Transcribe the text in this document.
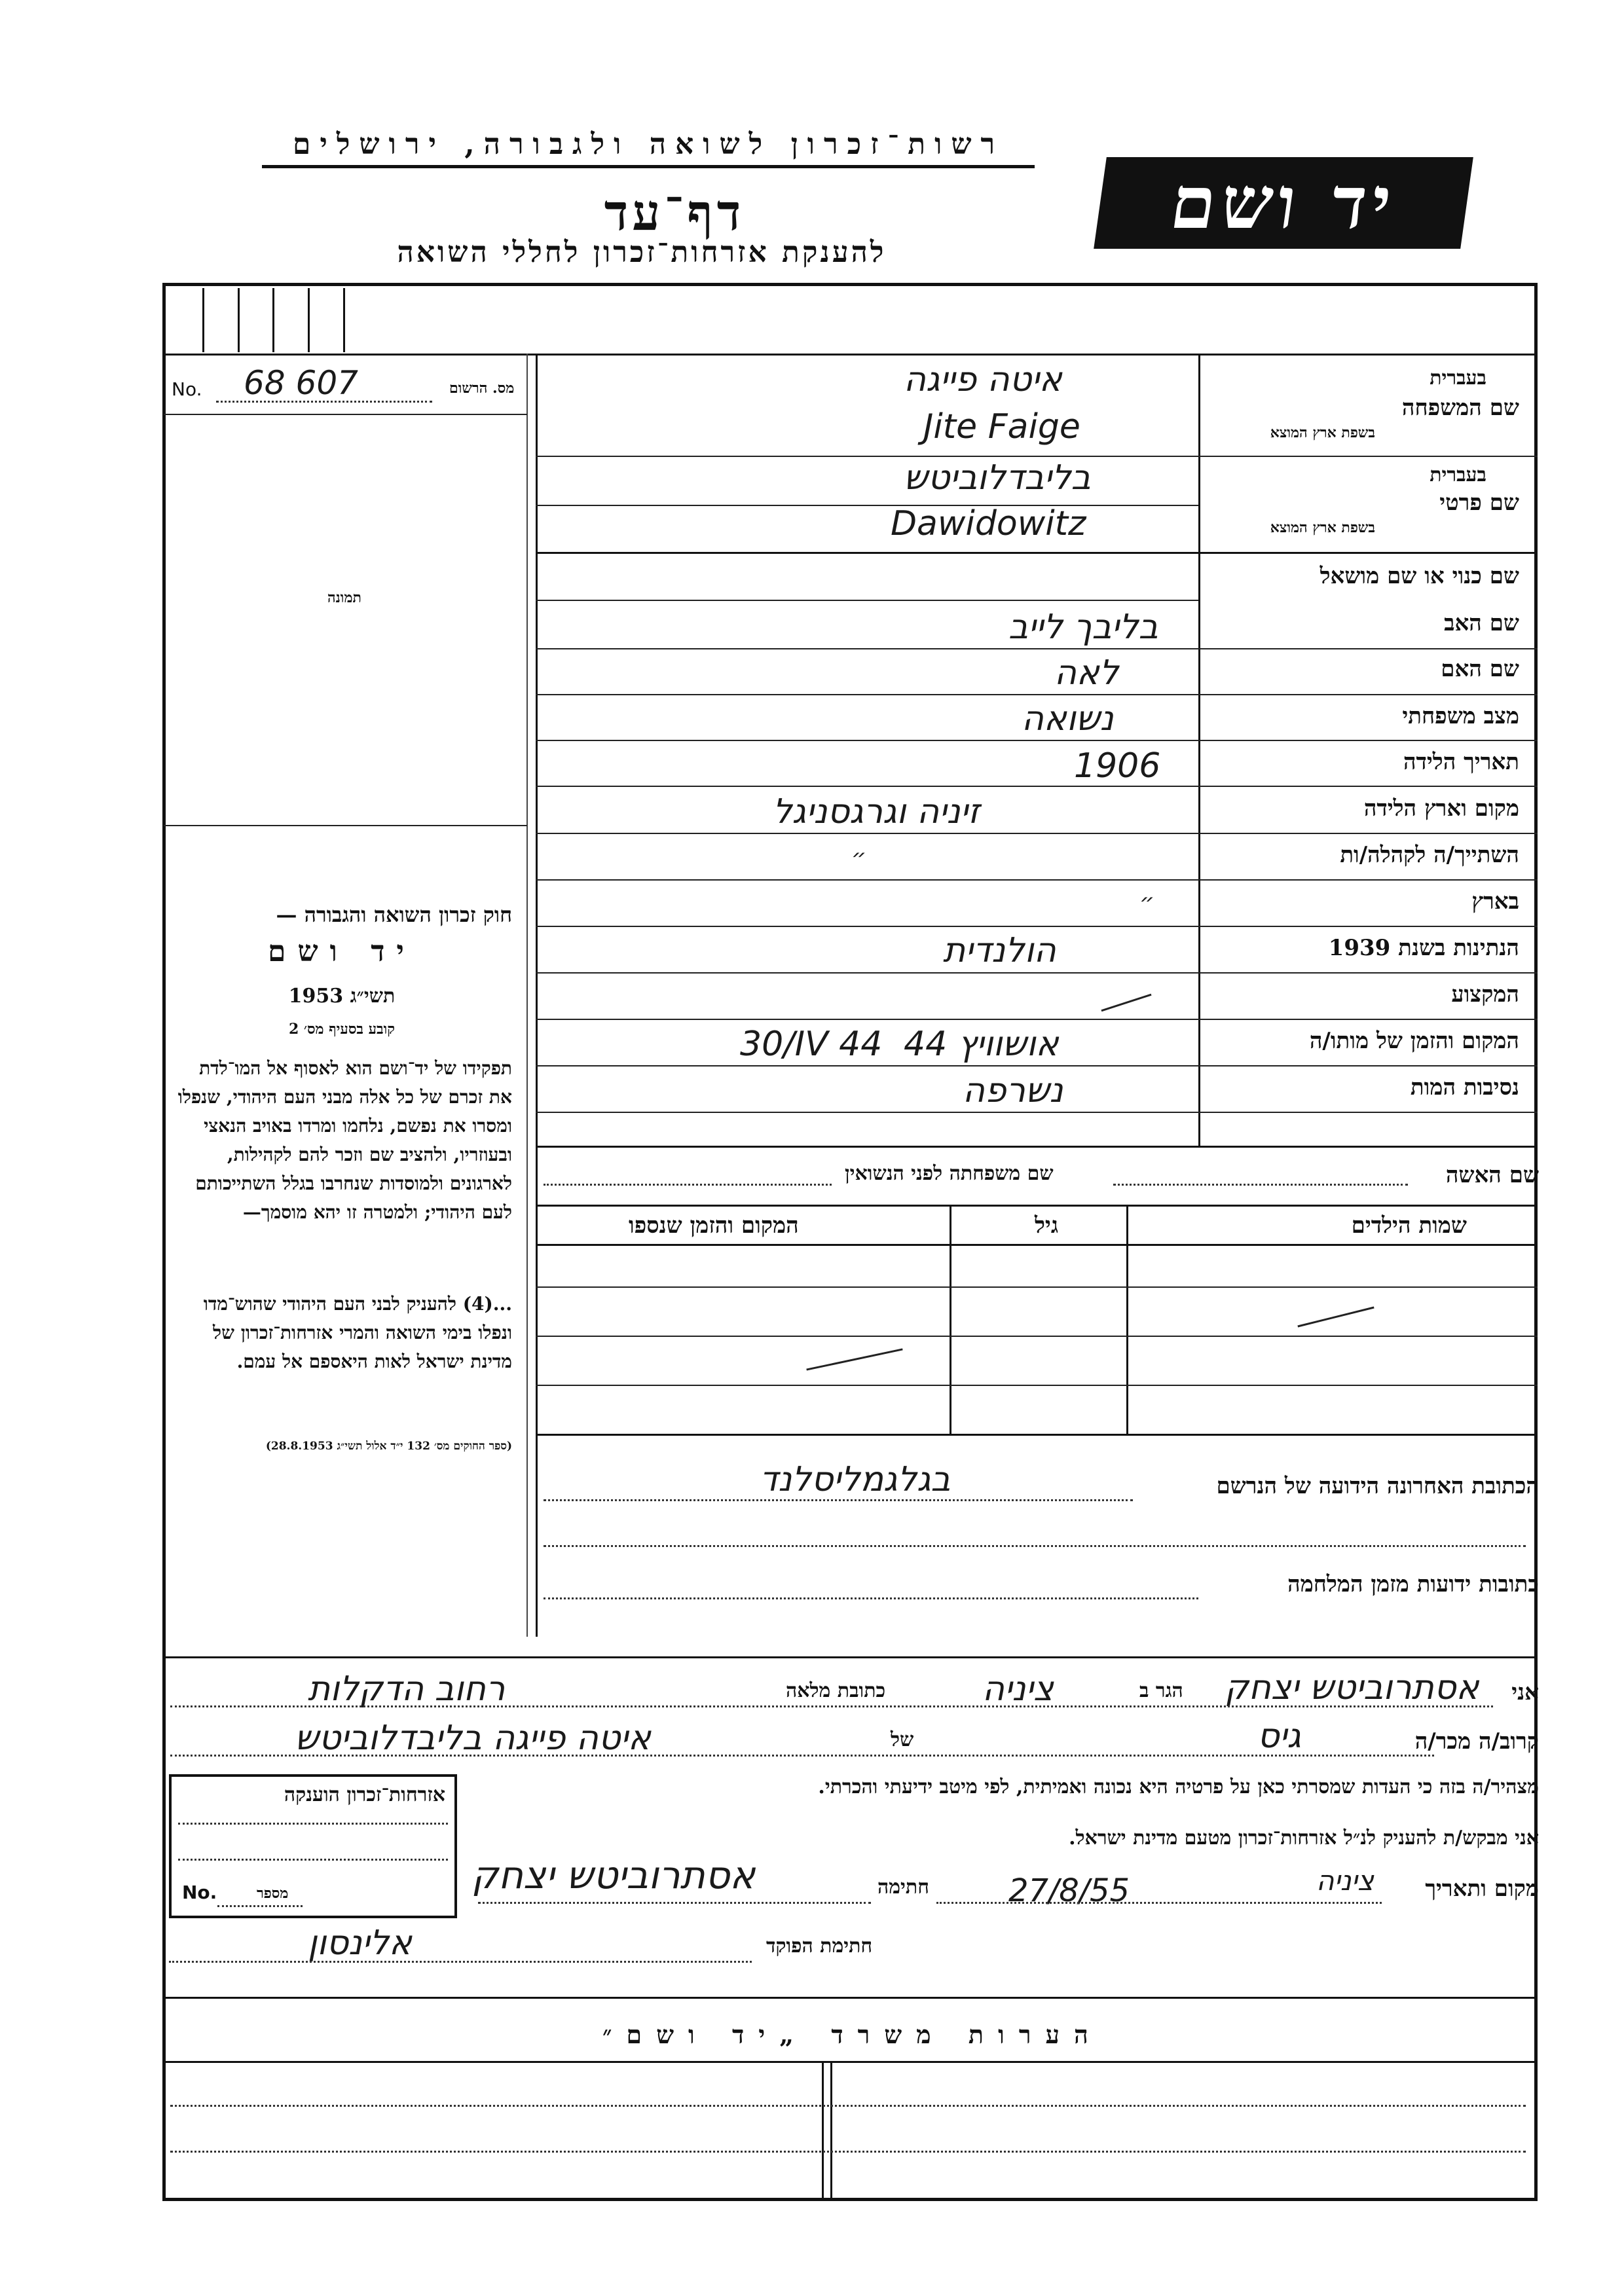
רשות־זכרון לשואה ולגבורה, ירושלים
דף־עד
להענקת אזרחות־זכרון לחללי השואה
יד ושם
No. 68 607	מס. הרשום
תמונה
חוק זכרון השואה והגבורה —
יד ושם
תשי״ג 1953
קובע בסעיף מס׳ 2
תפקידו של יד־ושם הוא לאסוף אל המו־לדת את זכרם של כל אלה מבני העם היהודי, שנפלו ומסרו את נפשם, נלחמו ומרדו באויב הנאצי ובעוזריו, ולהציב שם וזכר להם לקהילות, לארגונים ולמוסדות שנחרבו בגלל השתייכותם לעם היהודי; ולמטרה זו יהא מוסמך—
...(4) להעניק לבני העם היהודי שהוש־מדו ונפלו בימי השואה והמרי אזרחות־זכרון של מדינת ישראל לאות היאספם אל עמם.
(ספר החוקים מס׳ 132 י״ד אלול תשי״ג 28.8.1953)
בעברית
שם המשפחה
בשפת ארץ המוצא
בעברית
שם פרטי
בשפת ארץ המוצא
שם כנוי או שם מושאל
שם האב
שם האם
מצב משפחתי
תאריך הלידה
מקום וארץ הלידה
השתייך/ה לקהלה/ות
בארץ
הנתינות בשנת 1939
המקצוע
המקום והזמן של מותו/ה
נסיבות המות
איטה פייגה
Jite Faige
בליבדלוביטש
Dawidowitz
בליבך לייב
לאה
נשואה
1906
זיניה וגרגסניגל
״
״
הולנדית
אושוויץ 44
30/IV 44
נשרפה
שם האשה
שם משפחתה לפני הנשואין
שמות הילדים
גיל
המקום והזמן שנספו
הכתובת האחרונה הידועה של הנרשם
בגלגמליסלנד
כתובות ידועות מזמן המלחמה
אני
אסתרוביטש יצחק
הגר ב
ציניה
כתובת מלאה
רחוב הדקלות
קרוב/ה מכר/ה
גיס
של
איטה פייגה בליבדלוביטש
מצהיר/ה בזה כי העדות שמסרתי כאן על פרטיה היא נכונה ואמיתית, לפי מיטב ידיעתי והכרתי.
אני מבקש/ת להעניק לנ״ל אזרחות־זכרון מטעם מדינת ישראל.
מקום ותאריך
ציניה
27/8/55
חתימה
אסתרוביטש יצחק
חתימת הפוקד
אלינסון
אזרחות־זכרון הוענקה
No.	מספר
הערות משרד „יד ושם״
